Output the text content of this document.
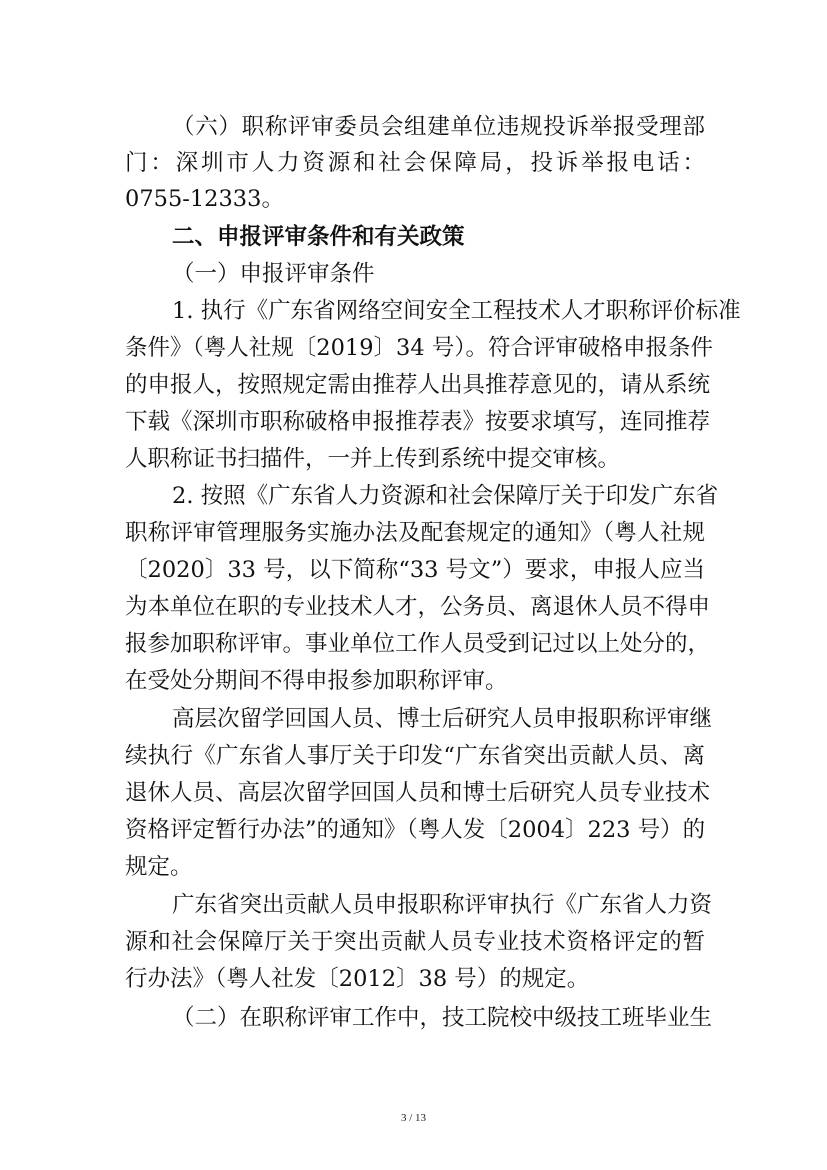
（六）职称评审委员会组建单位违规投诉举报受理部
门：深圳市人力资源和社会保障局，投诉举报电话：
0755-12333。
二、申报评审条件和有关政策
（一）申报评审条件
1. 执行《广东省网络空间安全工程技术人才职称评价标准
条件》（粤人社规〔2019〕34 号）。符合评审破格申报条件
的申报人，按照规定需由推荐人出具推荐意见的，请从系统
下载《深圳市职称破格申报推荐表》按要求填写，连同推荐
人职称证书扫描件，一并上传到系统中提交审核。
2. 按照《广东省人力资源和社会保障厅关于印发广东省
职称评审管理服务实施办法及配套规定的通知》（粤人社规
〔2020〕33 号，以下简称“33 号文”）要求，申报人应当
为本单位在职的专业技术人才，公务员、离退休人员不得申
报参加职称评审。事业单位工作人员受到记过以上处分的，
在受处分期间不得申报参加职称评审。
高层次留学回国人员、博士后研究人员申报职称评审继
续执行《广东省人事厅关于印发“广东省突出贡献人员、离
退休人员、高层次留学回国人员和博士后研究人员专业技术
资格评定暂行办法”的通知》（粤人发〔2004〕223 号）的
规定。
广东省突出贡献人员申报职称评审执行《广东省人力资
源和社会保障厅关于突出贡献人员专业技术资格评定的暂
行办法》（粤人社发〔2012〕38 号）的规定。
（二）在职称评审工作中，技工院校中级技工班毕业生
3 / 13
